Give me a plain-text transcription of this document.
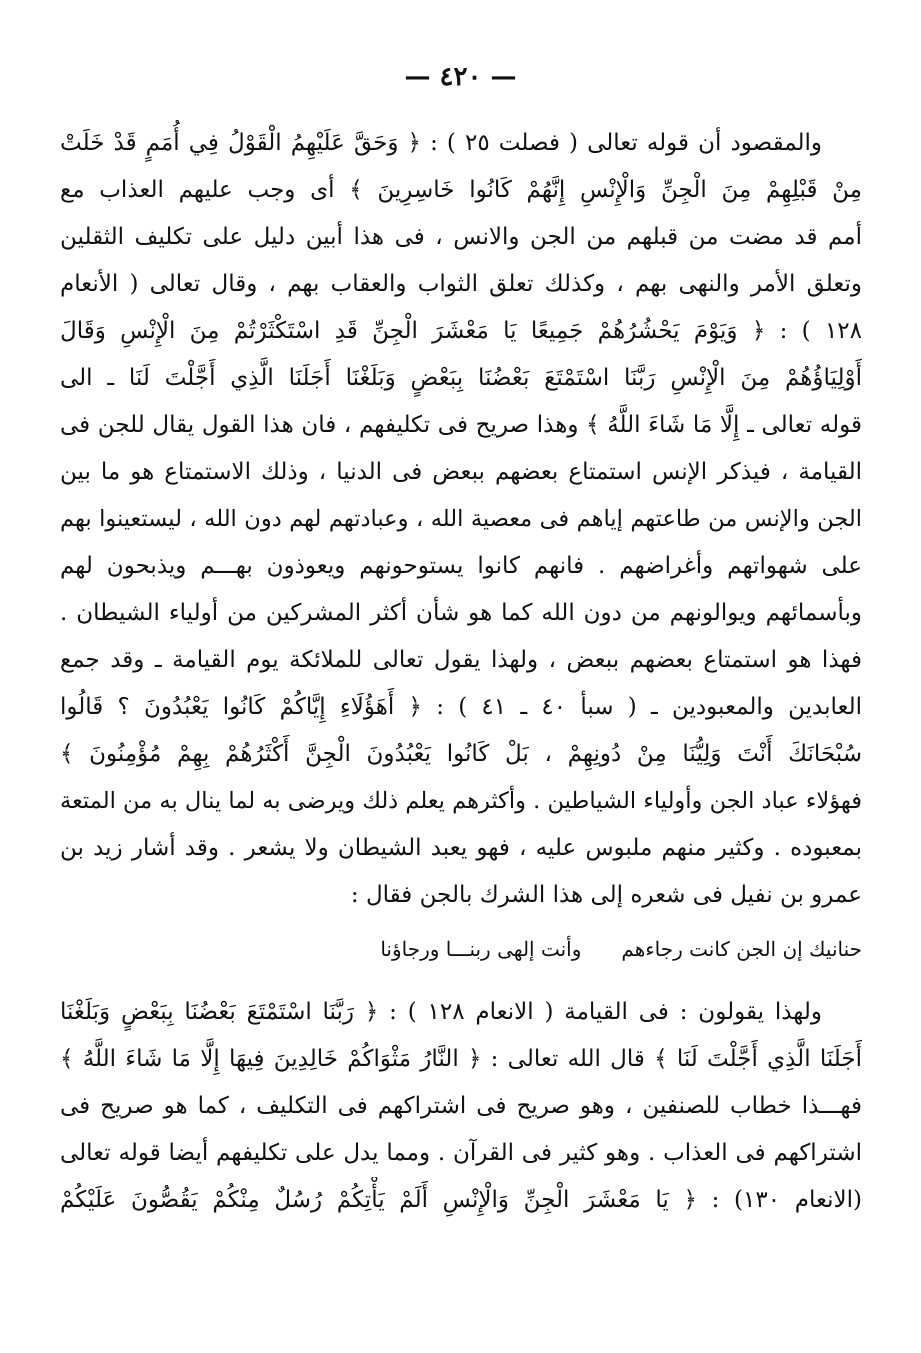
— ٤٢٠ —
والمقصود أن قوله تعالى ( فصلت ٢٥ ) : ﴿ وَحَقَّ عَلَيْهِمُ الْقَوْلُ فِي أُمَمٍ قَدْ خَلَتْ
مِنْ قَبْلِهِمْ مِنَ الْجِنِّ وَالْإِنْسِ إِنَّهُمْ كَانُوا خَاسِرِينَ ﴾ أى وجب عليهم العذاب مع
أمم قد مضت من قبلهم من الجن والانس ، فى هذا أبين دليل على تكليف الثقلين
وتعلق الأمر والنهى بهم ، وكذلك تعلق الثواب والعقاب بهم ، وقال تعالى ( الأنعام
١٢٨ ) : ﴿ وَيَوْمَ يَحْشُرُهُمْ جَمِيعًا يَا مَعْشَرَ الْجِنِّ قَدِ اسْتَكْثَرْتُمْ مِنَ الْإِنْسِ وَقَالَ
أَوْلِيَاؤُهُمْ مِنَ الْإِنْسِ رَبَّنَا اسْتَمْتَعَ بَعْضُنَا بِبَعْضٍ وَبَلَغْنَا أَجَلَنَا الَّذِي أَجَّلْتَ لَنَا ـ الى
قوله تعالى ـ إِلَّا مَا شَاءَ اللَّهُ ﴾ وهذا صريح فى تكليفهم ، فان هذا القول يقال للجن فى
القيامة ، فيذكر الإنس استمتاع بعضهم ببعض فى الدنيا ، وذلك الاستمتاع هو ما بين
الجن والإنس من طاعتهم إياهم فى معصية الله ، وعبادتهم لهم دون الله ، ليستعينوا بهم
على شهواتهم وأغراضهم . فانهم كانوا يستوحونهم ويعوذون بهـــم ويذبحون لهم
وبأسمائهم ويوالونهم من دون الله كما هو شأن أكثر المشركين من أولياء الشيطان .
فهذا هو استمتاع بعضهم ببعض ، ولهذا يقول تعالى للملائكة يوم القيامة ـ وقد جمع
العابدين والمعبودين ـ ( سبأ ٤٠ ـ ٤١ ) : ﴿ أَهَؤُلَاءِ إِيَّاكُمْ كَانُوا يَعْبُدُونَ ؟ قَالُوا
سُبْحَانَكَ أَنْتَ وَلِيُّنَا مِنْ دُونِهِمْ ، بَلْ كَانُوا يَعْبُدُونَ الْجِنَّ أَكْثَرُهُمْ بِهِمْ مُؤْمِنُونَ ﴾
فهؤلاء عباد الجن وأولياء الشياطين . وأكثرهم يعلم ذلك ويرضى به لما ينال به من المتعة
بمعبوده . وكثير منهم ملبوس عليه ، فهو يعبد الشيطان ولا يشعر . وقد أشار زيد بن
عمرو بن نفيل فى شعره إلى هذا الشرك بالجن فقال :
حنانيك إن الجن كانت رجاءهموأنت إلهى ربنـــا ورجاؤنا
ولهذا يقولون : فى القيامة ( الانعام ١٢٨ ) : ﴿ رَبَّنَا اسْتَمْتَعَ بَعْضُنَا بِبَعْضٍ وَبَلَغْنَا
أَجَلَنَا الَّذِي أَجَّلْتَ لَنَا ﴾ قال الله تعالى : ﴿ النَّارُ مَثْوَاكُمْ خَالِدِينَ فِيهَا إِلَّا مَا شَاءَ اللَّهُ ﴾
فهـــذا خطاب للصنفين ، وهو صريح فى اشتراكهم فى التكليف ، كما هو صريح فى
اشتراكهم فى العذاب . وهو كثير فى القرآن . ومما يدل على تكليفهم أيضا قوله تعالى
(الانعام ١٣٠) : ﴿ يَا مَعْشَرَ الْجِنِّ وَالْإِنْسِ أَلَمْ يَأْتِكُمْ رُسُلٌ مِنْكُمْ يَقُصُّونَ عَلَيْكُمْ
